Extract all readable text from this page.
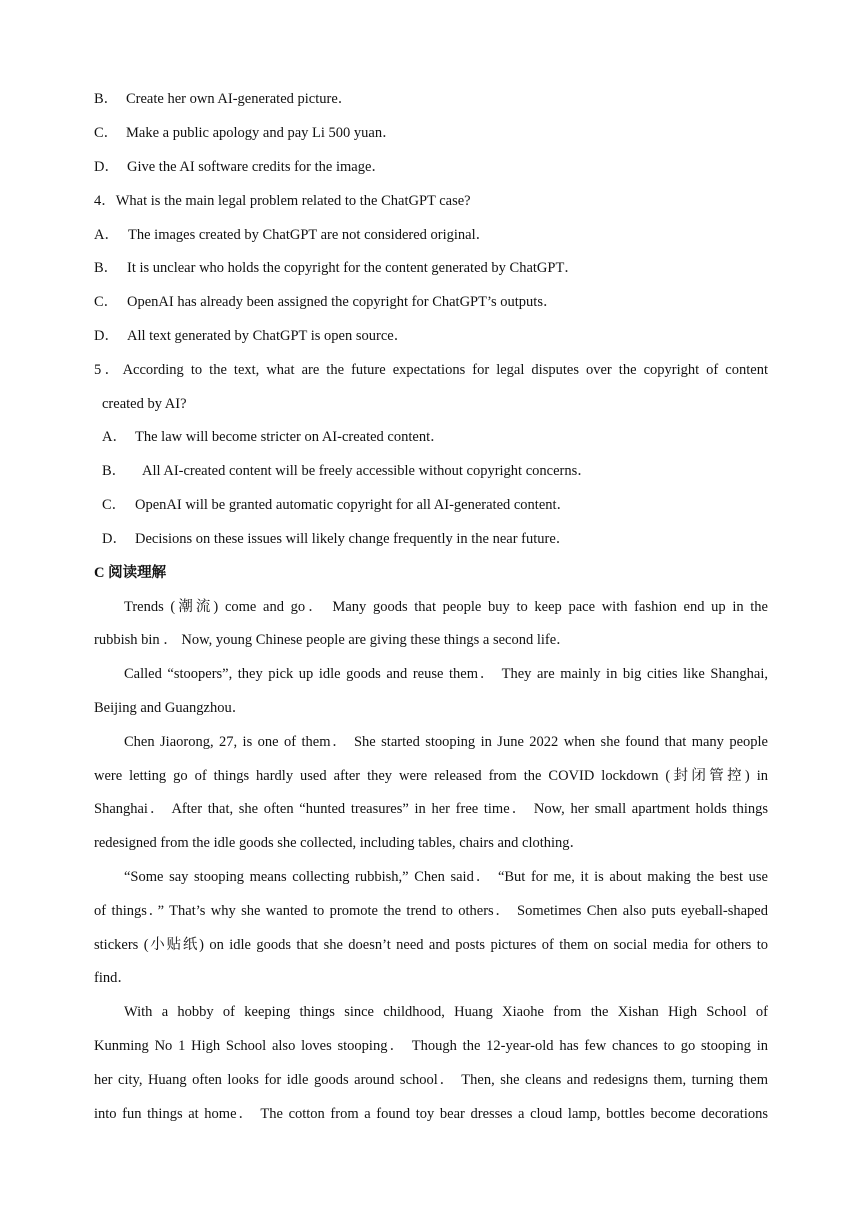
B． Create her own AI-generated picture．
C． Make a public apology and pay Li 500 yuan．
D． Give the AI software credits for the image．
4．What is the main legal problem related to the ChatGPT case?
A． The images created by ChatGPT are not considered original．
B． It is unclear who holds the copyright for the content generated by ChatGPT．
C． OpenAI has already been assigned the copyright for ChatGPT’s outputs．
D． All text generated by ChatGPT is open source．
5．According to the text, what are the future expectations for legal disputes over the copyright of content
created by AI?
A． The law will become stricter on AI-created content．
B． All AI-created content will be freely accessible without copyright concerns．
C． OpenAI will be granted automatic copyright for all AI-generated content．
D． Decisions on these issues will likely change frequently in the near future．
C 阅读理解
Trends (潮流) come and go． Many goods that people buy to keep pace with fashion end up in the
rubbish bin ． Now, young Chinese people are giving these things a second life．
Called “stoopers”, they pick up idle goods and reuse them． They are mainly in big cities like Shanghai,
Beijing and Guangzhou．
Chen Jiaorong, 27, is one of them． She started stooping in June 2022 when she found that many people
were letting go of things hardly used after they were released from the COVID lockdown (封闭管控) in
Shanghai． After that, she often “hunted treasures” in her free time． Now, her small apartment holds things
redesigned from the idle goods she collected, including tables, chairs and clothing．
“Some say stooping means collecting rubbish,” Chen said． “But for me, it is about making the best use
of things．” That’s why she wanted to promote the trend to others． Sometimes Chen also puts eyeball-shaped
stickers (小贴纸) on idle goods that she doesn’t need and posts pictures of them on social media for others to
find．
With a hobby of keeping things since childhood, Huang Xiaohe from the Xishan High School of
Kunming No 1 High School also loves stooping． Though the 12-year-old has few chances to go stooping in
her city, Huang often looks for idle goods around school． Then, she cleans and redesigns them, turning them
into fun things at home． The cotton from a found toy bear dresses a cloud lamp, bottles become decorations
